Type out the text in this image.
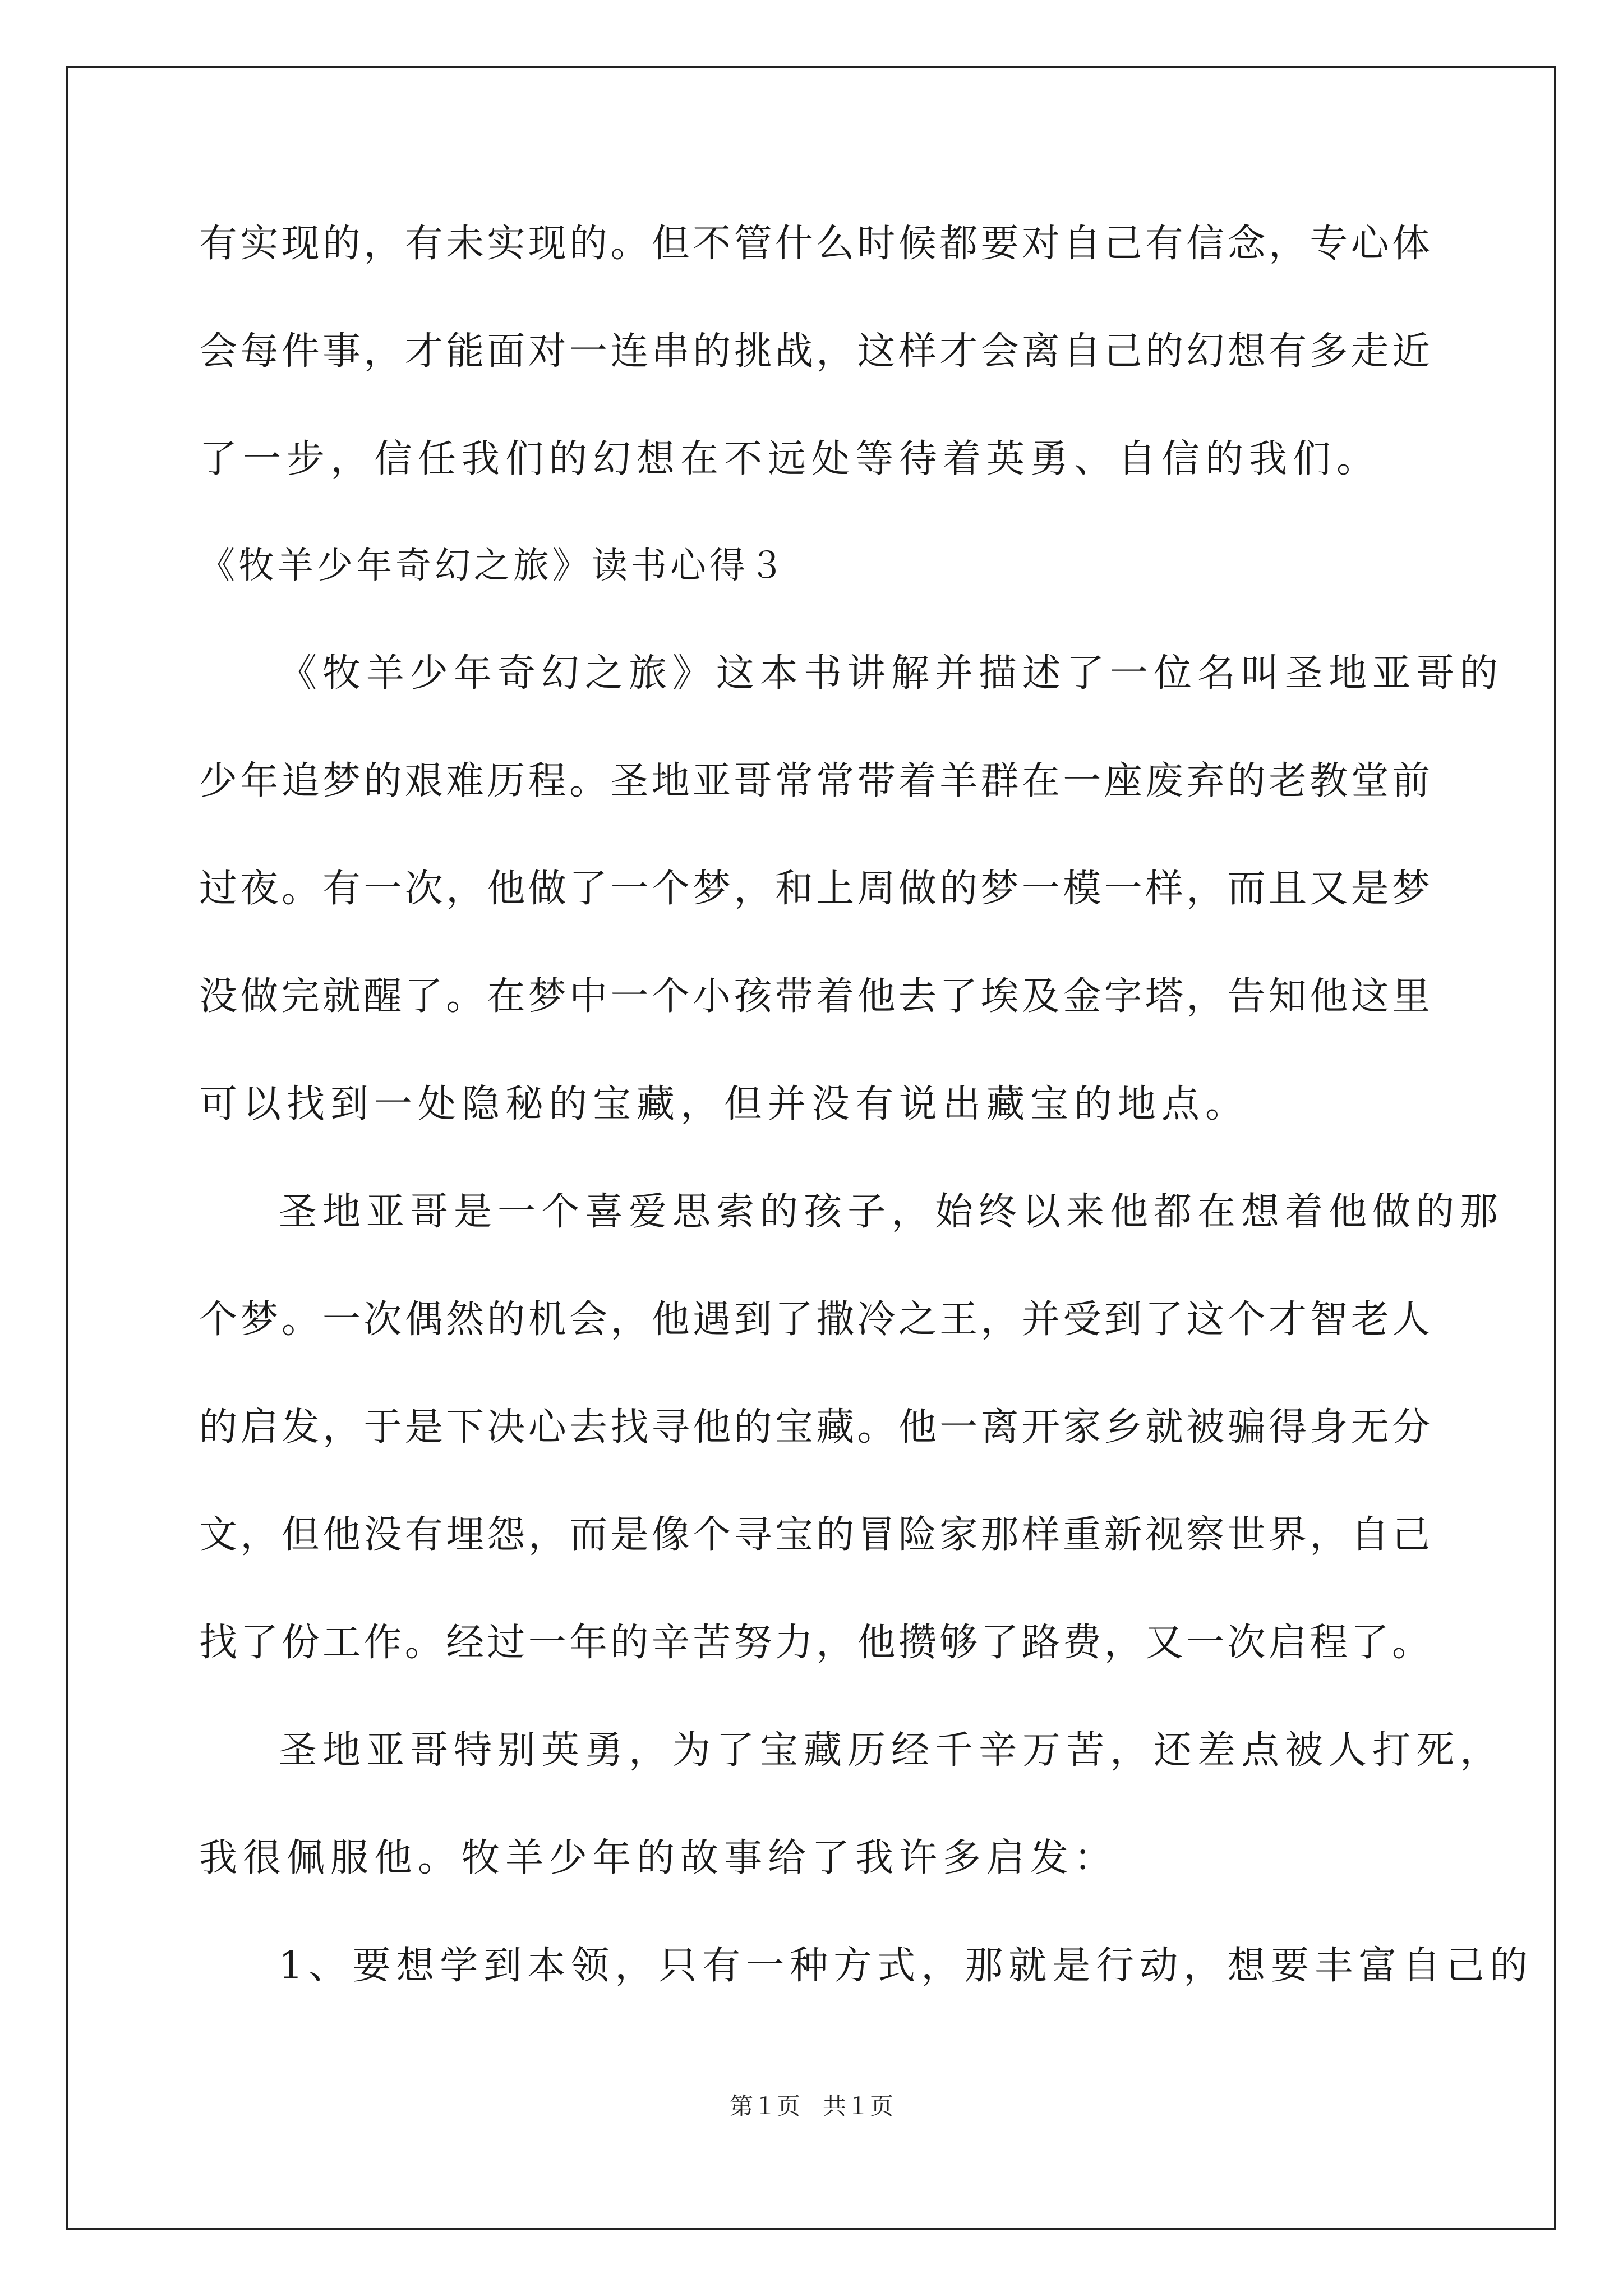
有实现的，有未实现的。但不管什么时候都要对自己有信念，专心体
会每件事，才能面对一连串的挑战，这样才会离自己的幻想有多走近
了一步，信任我们的幻想在不远处等待着英勇、自信的我们。
《牧羊少年奇幻之旅》读书心得３
《牧羊少年奇幻之旅》这本书讲解并描述了一位名叫圣地亚哥的
少年追梦的艰难历程。圣地亚哥常常带着羊群在一座废弃的老教堂前
过夜。有一次，他做了一个梦，和上周做的梦一模一样，而且又是梦
没做完就醒了。在梦中一个小孩带着他去了埃及金字塔，告知他这里
可以找到一处隐秘的宝藏，但并没有说出藏宝的地点。
圣地亚哥是一个喜爱思索的孩子，始终以来他都在想着他做的那
个梦。一次偶然的机会，他遇到了撒冷之王，并受到了这个才智老人
的启发，于是下决心去找寻他的宝藏。他一离开家乡就被骗得身无分
文，但他没有埋怨，而是像个寻宝的冒险家那样重新视察世界，自己
找了份工作。经过一年的辛苦努力，他攒够了路费，又一次启程了。
圣地亚哥特别英勇，为了宝藏历经千辛万苦，还差点被人打死，
我很佩服他。牧羊少年的故事给了我许多启发：
1、要想学到本领，只有一种方式，那就是行动，想要丰富自己的
第１页 共１页
